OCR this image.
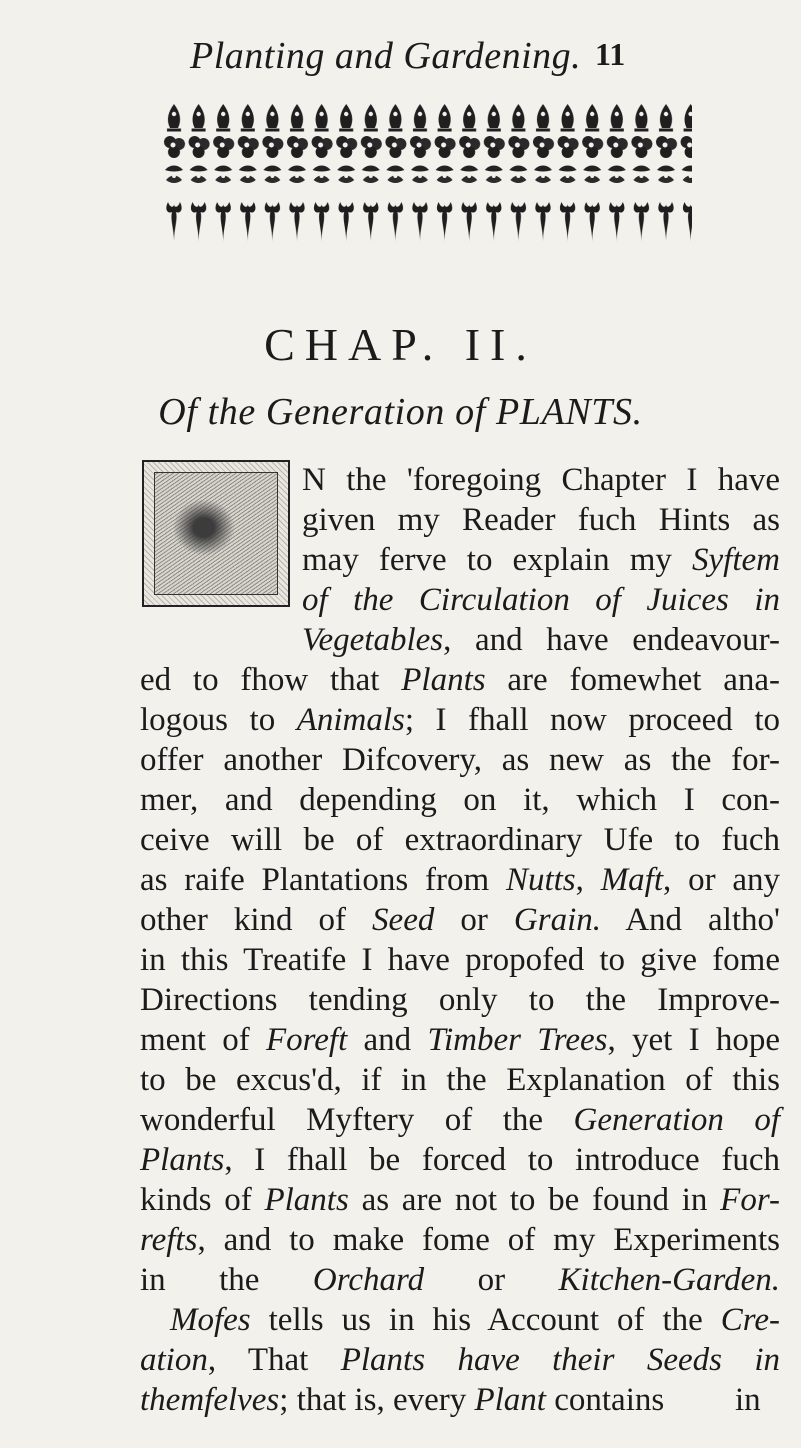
Planting and Gardening. 11
CHAP. II.
Of the Generation of PLANTS.
N the 'foregoing Chapter I have
given my Reader fuch Hints as
may ferve to explain my Syftem
of the Circulation of Juices in
Vegetables, and have endeavour-
ed to fhow that Plants are fomewhet ana-
logous to Animals; I fhall now proceed to
offer another Difcovery, as new as the for-
mer, and depending on it, which I con-
ceive will be of extraordinary Ufe to fuch
as raife Plantations from Nutts, Maft, or any
other kind of Seed or Grain. And altho'
in this Treatife I have propofed to give fome
Directions tending only to the Improve-
ment of Foreft and Timber Trees, yet I hope
to be excus'd, if in the Explanation of this
wonderful Myftery of the Generation of
Plants, I fhall be forced to introduce fuch
kinds of Plants as are not to be found in For-
refts, and to make fome of my Experiments
in the Orchard or Kitchen-Garden.
Mofes tells us in his Account of the Cre-
ation, That Plants have their Seeds in
themfelves; that is, every Plant contains in
